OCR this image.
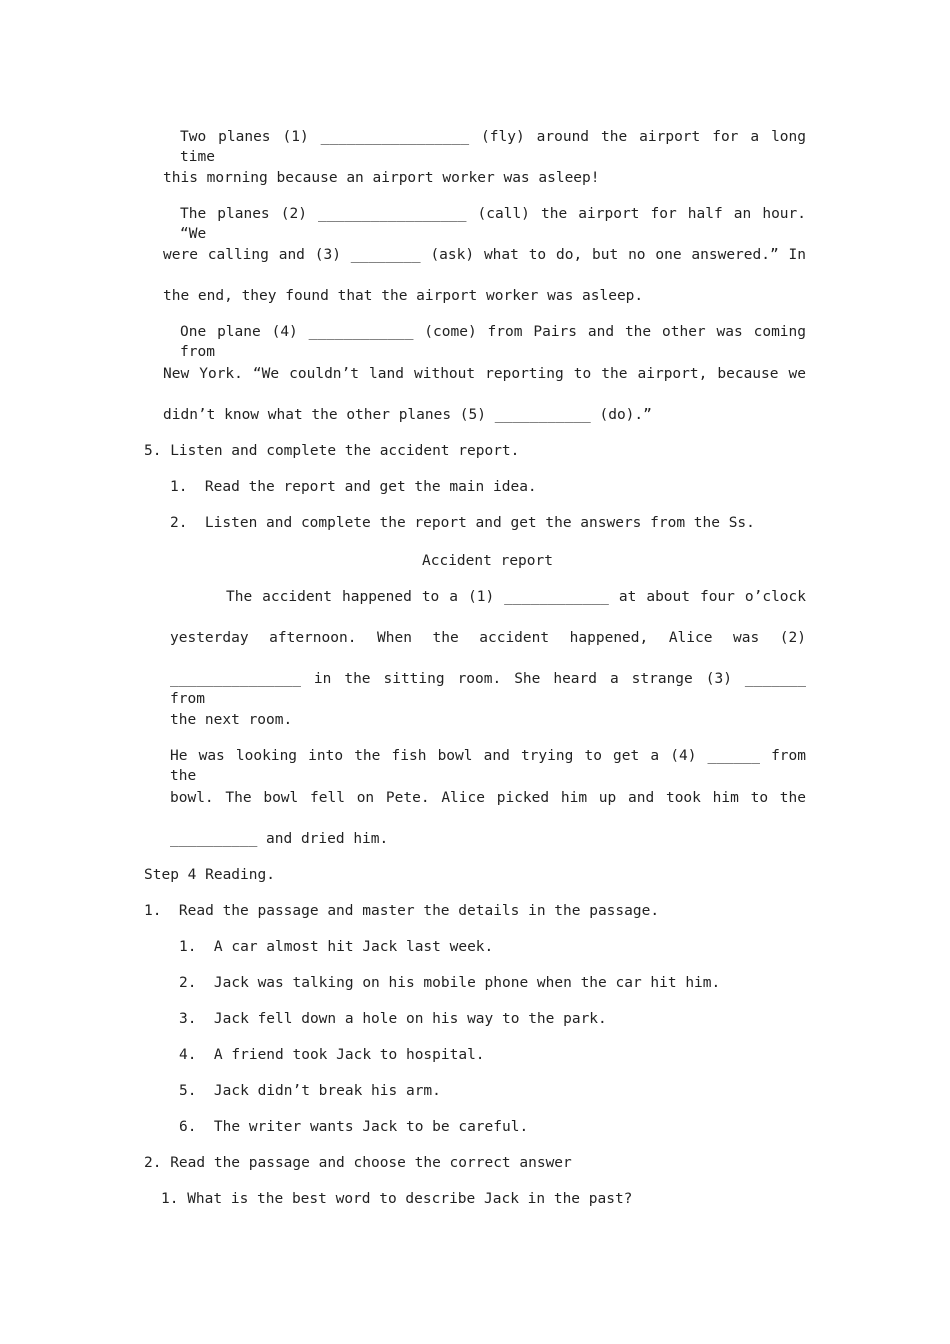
Two planes (1) _________________ (fly) around the airport for a long time
this morning because an airport worker was asleep!
The planes (2) _________________ (call) the airport for half an hour. “We
were calling and (3) ________ (ask) what to do, but no one answered.” In
the end, they found that the airport worker was asleep.
One plane (4) ____________ (come) from Pairs and the other was coming from
New York. “We couldn’t land without reporting to the airport, because we
didn’t know what the other planes (5) ___________ (do).”
5. Listen and complete the accident report.
1.  Read the report and get the main idea.
2.  Listen and complete the report and get the answers from the Ss.
Accident report
The accident happened to a (1) ____________ at about four o’clock
yesterday afternoon. When the accident happened, Alice was (2)
_______________ in the sitting room. She heard a strange (3) _______ from
the next room.
He was looking into the fish bowl and trying to get a (4) ______ from the
bowl. The bowl fell on Pete. Alice picked him up and took him to the
__________ and dried him.
Step 4 Reading.
1.  Read the passage and master the details in the passage.
1.  A car almost hit Jack last week.
2.  Jack was talking on his mobile phone when the car hit him.
3.  Jack fell down a hole on his way to the park.
4.  A friend took Jack to hospital.
5.  Jack didn’t break his arm.
6.  The writer wants Jack to be careful.
2. Read the passage and choose the correct answer
1. What is the best word to describe Jack in the past?
